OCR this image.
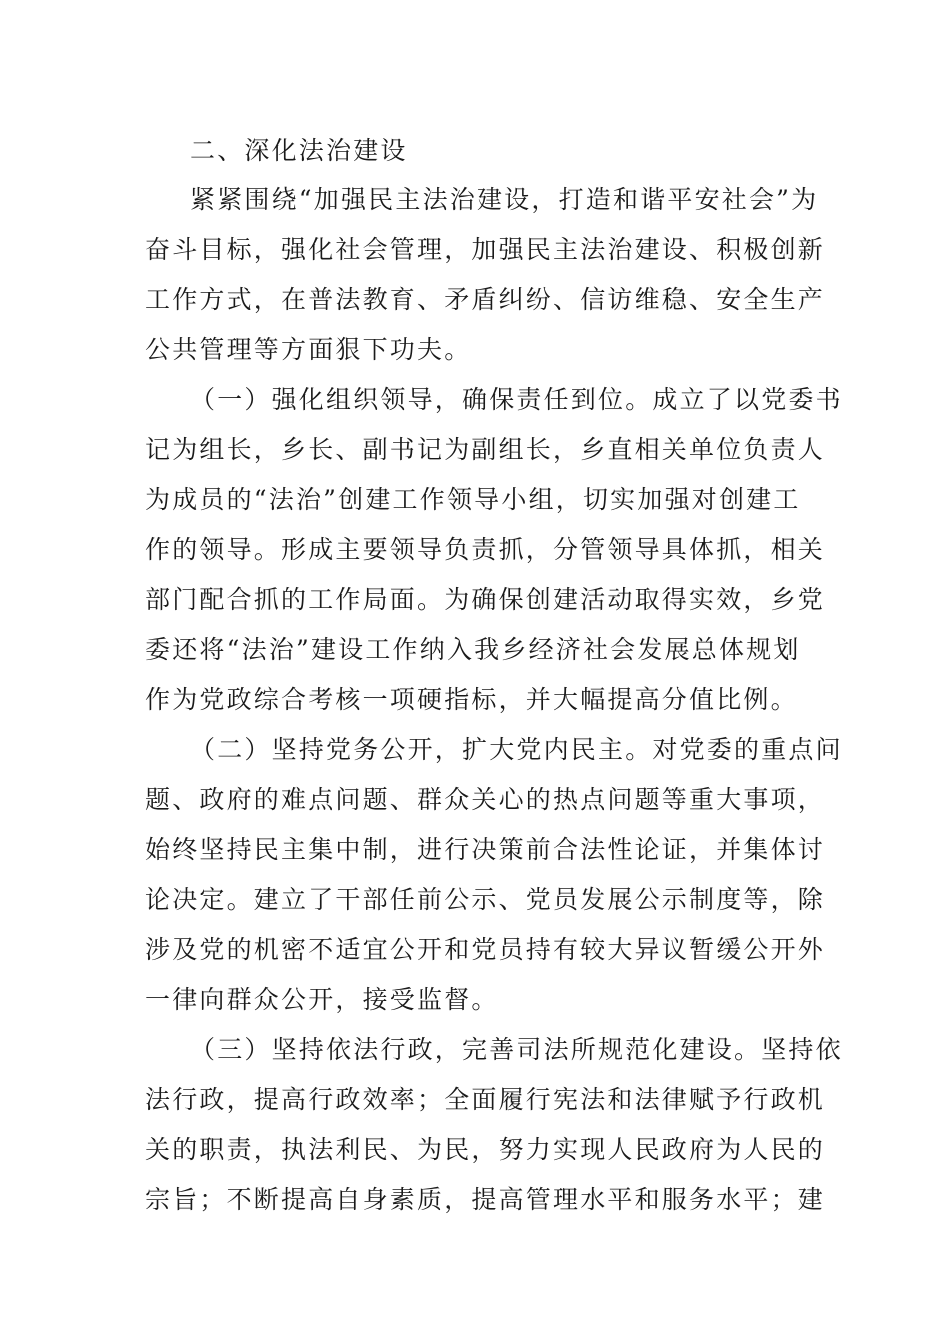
二、深化法治建设
紧紧围绕“加强民主法治建设，打造和谐平安社会”为
奋斗目标，强化社会管理，加强民主法治建设、积极创新
工作方式，在普法教育、矛盾纠纷、信访维稳、安全生产
公共管理等方面狠下功夫。
（一）强化组织领导，确保责任到位。成立了以党委书
记为组长，乡长、副书记为副组长，乡直相关单位负责人
为成员的“法治”创建工作领导小组，切实加强对创建工
作的领导。形成主要领导负责抓，分管领导具体抓，相关
部门配合抓的工作局面。为确保创建活动取得实效，乡党
委还将“法治”建设工作纳入我乡经济社会发展总体规划
作为党政综合考核一项硬指标，并大幅提高分值比例。
（二）坚持党务公开，扩大党内民主。对党委的重点问
题、政府的难点问题、群众关心的热点问题等重大事项，
始终坚持民主集中制，进行决策前合法性论证，并集体讨
论决定。建立了干部任前公示、党员发展公示制度等，除
涉及党的机密不适宜公开和党员持有较大异议暂缓公开外
一律向群众公开，接受监督。
（三）坚持依法行政，完善司法所规范化建设。坚持依
法行政，提高行政效率；全面履行宪法和法律赋予行政机
关的职责，执法利民、为民，努力实现人民政府为人民的
宗旨；不断提高自身素质，提高管理水平和服务水平；建
